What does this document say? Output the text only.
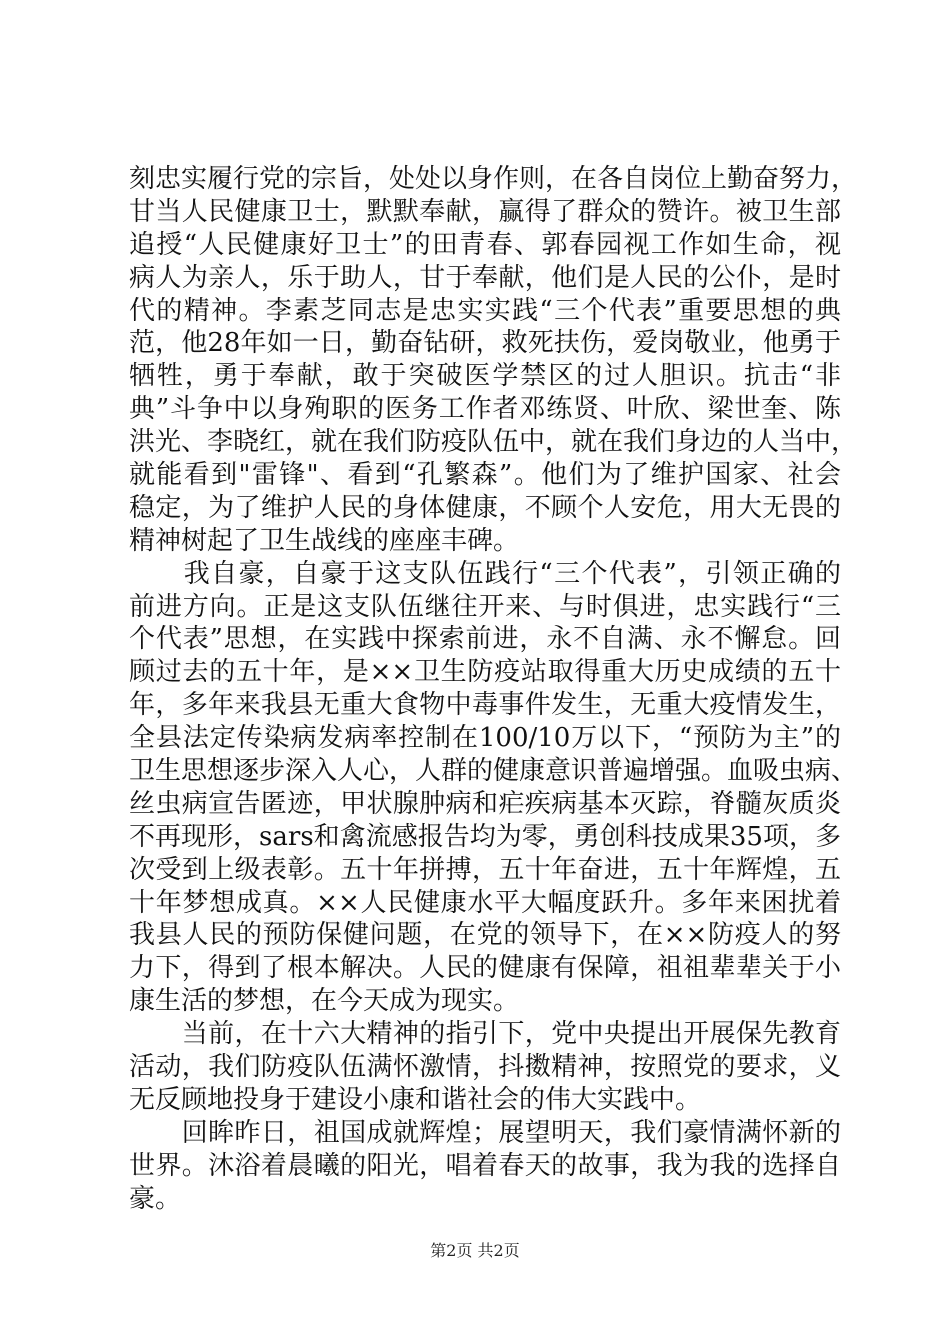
刻忠实履行党的宗旨，处处以身作则，在各自岗位上勤奋努力，
甘当人民健康卫士，默默奉献，赢得了群众的赞许。被卫生部
追授“人民健康好卫士”的田青春、郭春园视工作如生命，视
病人为亲人，乐于助人，甘于奉献，他们是人民的公仆，是时
代的精神。李素芝同志是忠实实践“三个代表”重要思想的典
范，他28年如一日，勤奋钻研，救死扶伤，爱岗敬业，他勇于
牺牲，勇于奉献，敢于突破医学禁区的过人胆识。抗击“非
典”斗争中以身殉职的医务工作者邓练贤、叶欣、梁世奎、陈
洪光、李晓红，就在我们防疫队伍中，就在我们身边的人当中，
就能看到"雷锋"、看到“孔繁森”。他们为了维护国家、社会
稳定，为了维护人民的身体健康，不顾个人安危，用大无畏的
精神树起了卫生战线的座座丰碑。
　　我自豪，自豪于这支队伍践行“三个代表”，引领正确的
前进方向。正是这支队伍继往开来、与时俱进，忠实践行“三
个代表”思想，在实践中探索前进，永不自满、永不懈怠。回
顾过去的五十年，是××卫生防疫站取得重大历史成绩的五十
年，多年来我县无重大食物中毒事件发生，无重大疫情发生，
全县法定传染病发病率控制在100/10万以下，“预防为主”的
卫生思想逐步深入人心，人群的健康意识普遍增强。血吸虫病、
丝虫病宣告匿迹，甲状腺肿病和疟疾病基本灭踪，脊髓灰质炎
不再现形，sars和禽流感报告均为零，勇创科技成果35项，多
次受到上级表彰。五十年拼搏，五十年奋进，五十年辉煌，五
十年梦想成真。××人民健康水平大幅度跃升。多年来困扰着
我县人民的预防保健问题，在党的领导下，在××防疫人的努
力下，得到了根本解决。人民的健康有保障，祖祖辈辈关于小
康生活的梦想，在今天成为现实。
　　当前，在十六大精神的指引下，党中央提出开展保先教育
活动，我们防疫队伍满怀激情，抖擞精神，按照党的要求，义
无反顾地投身于建设小康和谐社会的伟大实践中。
　　回眸昨日，祖国成就辉煌；展望明天，我们豪情满怀新的
世界。沐浴着晨曦的阳光，唱着春天的故事，我为我的选择自
豪。
第2页 共2页
